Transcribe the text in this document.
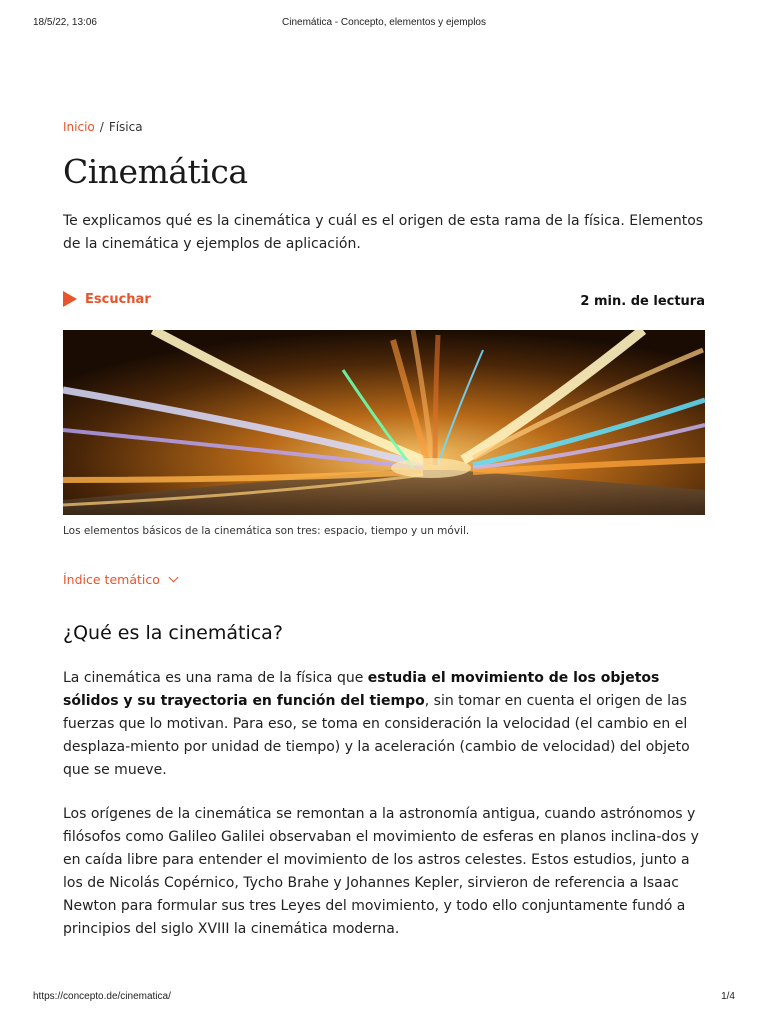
18/5/22, 13:06	Cinemática - Concepto, elementos y ejemplos
Inicio / Física
Cinemática

Te explicamos qué es la cinemática y cuál es el origen de esta rama de la física. Elementos de la cinemática y ejemplos de aplicación.

Escuchar	2 min. de lectura

Los elementos básicos de la cinemática son tres: espacio, tiempo y un móvil.

Índice temático
¿Qué es la cinemática?

La cinemática es una rama de la física que estudia el movimiento de los objetos sólidos y su trayectoria en función del tiempo, sin tomar en cuenta el origen de las fuerzas que lo motivan. Para eso, se toma en consideración la velocidad (el cambio en el desplaza-miento por unidad de tiempo) y la aceleración (cambio de velocidad) del objeto que se mueve.

Los orígenes de la cinemática se remontan a la astronomía antigua, cuando astrónomos y filósofos como Galileo Galilei observaban el movimiento de esferas en planos inclina-dos y en caída libre para entender el movimiento de los astros celestes. Estos estudios, junto a los de Nicolás Copérnico, Tycho Brahe y Johannes Kepler, sirvieron de referencia a Isaac Newton para formular sus tres Leyes del movimiento, y todo ello conjuntamente fundó a principios del siglo XVIII la cinemática moderna.

https://concepto.de/cinematica/	1/4
